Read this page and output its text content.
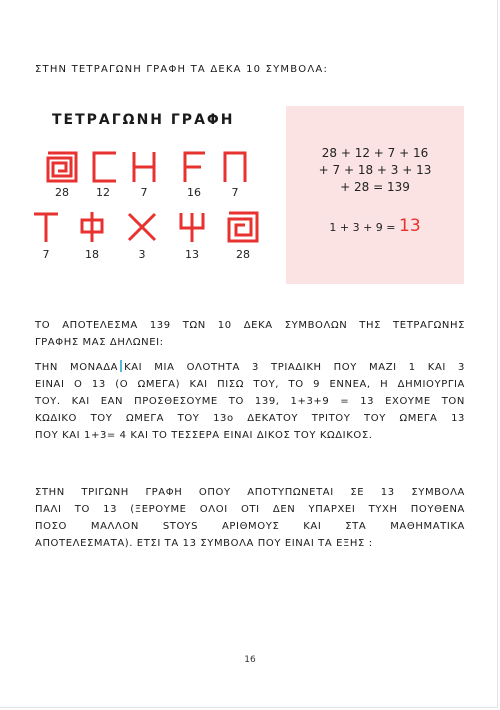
ΣΤΗΝ ΤΕΤΡΑΓΩΝΗ ΓΡΑΦΗ ΤΑ ΔΕΚΑ 10 ΣΥΜΒΟΛΑ:
ΤΕΤΡΑΓΩΝΗ ΓΡΑΦΗ
28	12	7	16	7
7	18	3	13	28
28 + 12 + 7 + 16
+ 7 + 18 + 3 + 13
+ 28 = 139
1 + 3 + 9 = 13
ΤΟ ΑΠΟΤΕΛΕΣΜΑ 139 ΤΩΝ 10 ΔΕΚΑ ΣΥΜΒΟΛΩΝ ΤΗΣ ΤΕΤΡΑΓΩΝΗΣ
ΓΡΑΦΗΣ ΜΑΣ ΔΗΛΩΝΕΙ:
ΤΗΝ ΜΟΝΑΔΑ ΚΑΙ ΜΙΑ ΟΛΟΤΗΤΑ 3 ΤΡΙΑΔΙΚΗ ΠΟΥ ΜΑΖΙ 1 ΚΑΙ 3
ΕΙΝΑΙ Ο 13 (Ο ΩΜΕΓΑ) ΚΑΙ ΠΙΣΩ ΤΟΥ, ΤΟ 9 ΕΝΝΕΑ, Η ΔΗΜΙΟΥΡΓΙΑ
ΤΟΥ. ΚΑΙ ΕΑΝ ΠΡΟΣΘΕΣΟΥΜΕ ΤΟ 139, 1+3+9 = 13 ΕΧΟΥΜΕ ΤΟΝ
ΚΩΔΙΚΟ ΤΟΥ ΩΜΕΓΑ ΤΟΥ 13ο ΔΕΚΑΤΟΥ ΤΡΙΤΟΥ ΤΟΥ ΩΜΕΓΑ 13
ΠΟΥ ΚΑΙ 1+3= 4 ΚΑΙ ΤΟ ΤΕΣΣΕΡΑ ΕΙΝΑΙ ΔΙΚΟΣ ΤΟΥ ΚΩΔΙΚΟΣ.
ΣΤΗΝ ΤΡΙΓΩΝΗ ΓΡΑΦΗ ΟΠΟΥ ΑΠΟΤΥΠΩΝΕΤΑΙ ΣΕ 13 ΣΥΜΒΟΛΑ
ΠΑΛΙ ΤΟ 13 (ΞΕΡΟΥΜΕ ΟΛΟΙ ΟΤΙ ΔΕΝ ΥΠΑΡΧΕΙ ΤΥΧΗ ΠΟΥΘΕΝΑ
ΠΟΣΟ ΜΑΛΛΟΝ STOYS ΑΡΙΘΜΟΥΣ ΚΑΙ ΣΤΑ ΜΑΘΗΜΑΤΙΚΑ
ΑΠΟΤΕΛΕΣΜΑΤΑ). ΕΤΣΙ ΤΑ 13 ΣΥΜΒΟΛΑ ΠΟΥ ΕΙΝΑΙ ΤΑ ΕΞΗΣ :
16
